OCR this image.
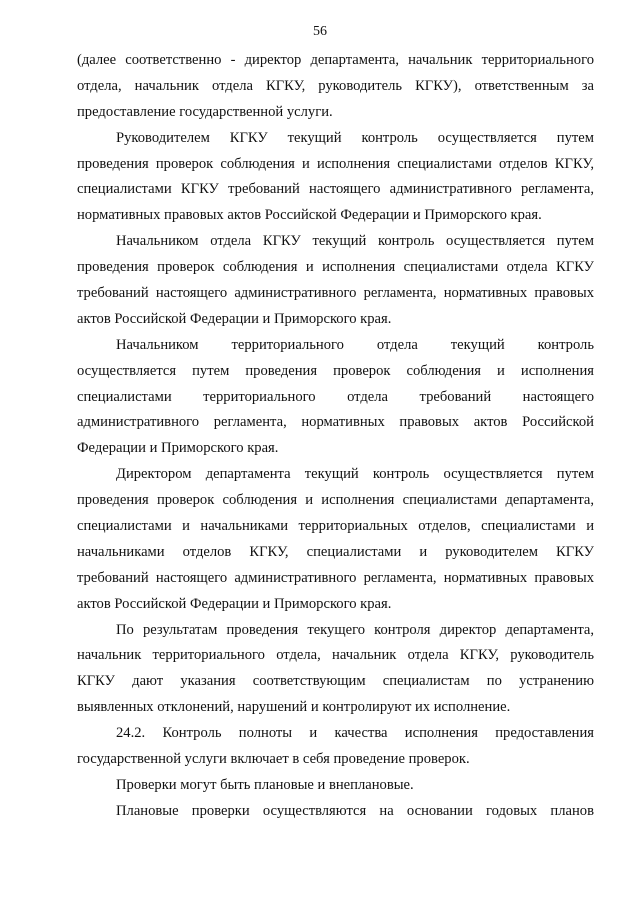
56
(далее соответственно - директор департамента, начальник территориального
отдела, начальник отдела КГКУ, руководитель КГКУ), ответственным за
предоставление государственной услуги.
Руководителем КГКУ текущий контроль осуществляется путем
проведения проверок соблюдения и исполнения специалистами отделов КГКУ,
специалистами КГКУ требований настоящего административного регламента,
нормативных правовых актов Российской Федерации и Приморского края.
Начальником отдела КГКУ текущий контроль осуществляется путем
проведения проверок соблюдения и исполнения специалистами отдела КГКУ
требований настоящего административного регламента, нормативных правовых
актов Российской Федерации и Приморского края.
Начальником территориального отдела текущий контроль
осуществляется путем проведения проверок соблюдения и исполнения
специалистами территориального отдела требований настоящего
административного регламента, нормативных правовых актов Российской
Федерации и Приморского края.
Директором департамента текущий контроль осуществляется путем
проведения проверок соблюдения и исполнения специалистами департамента,
специалистами и начальниками территориальных отделов, специалистами и
начальниками отделов КГКУ, специалистами и руководителем КГКУ
требований настоящего административного регламента, нормативных правовых
актов Российской Федерации и Приморского края.
По результатам проведения текущего контроля директор департамента,
начальник территориального отдела, начальник отдела КГКУ, руководитель
КГКУ дают указания соответствующим специалистам по устранению
выявленных отклонений, нарушений и контролируют их исполнение.
24.2. Контроль полноты и качества исполнения предоставления
государственной услуги включает в себя проведение проверок.
Проверки могут быть плановые и внеплановые.
Плановые проверки осуществляются на основании годовых планов
